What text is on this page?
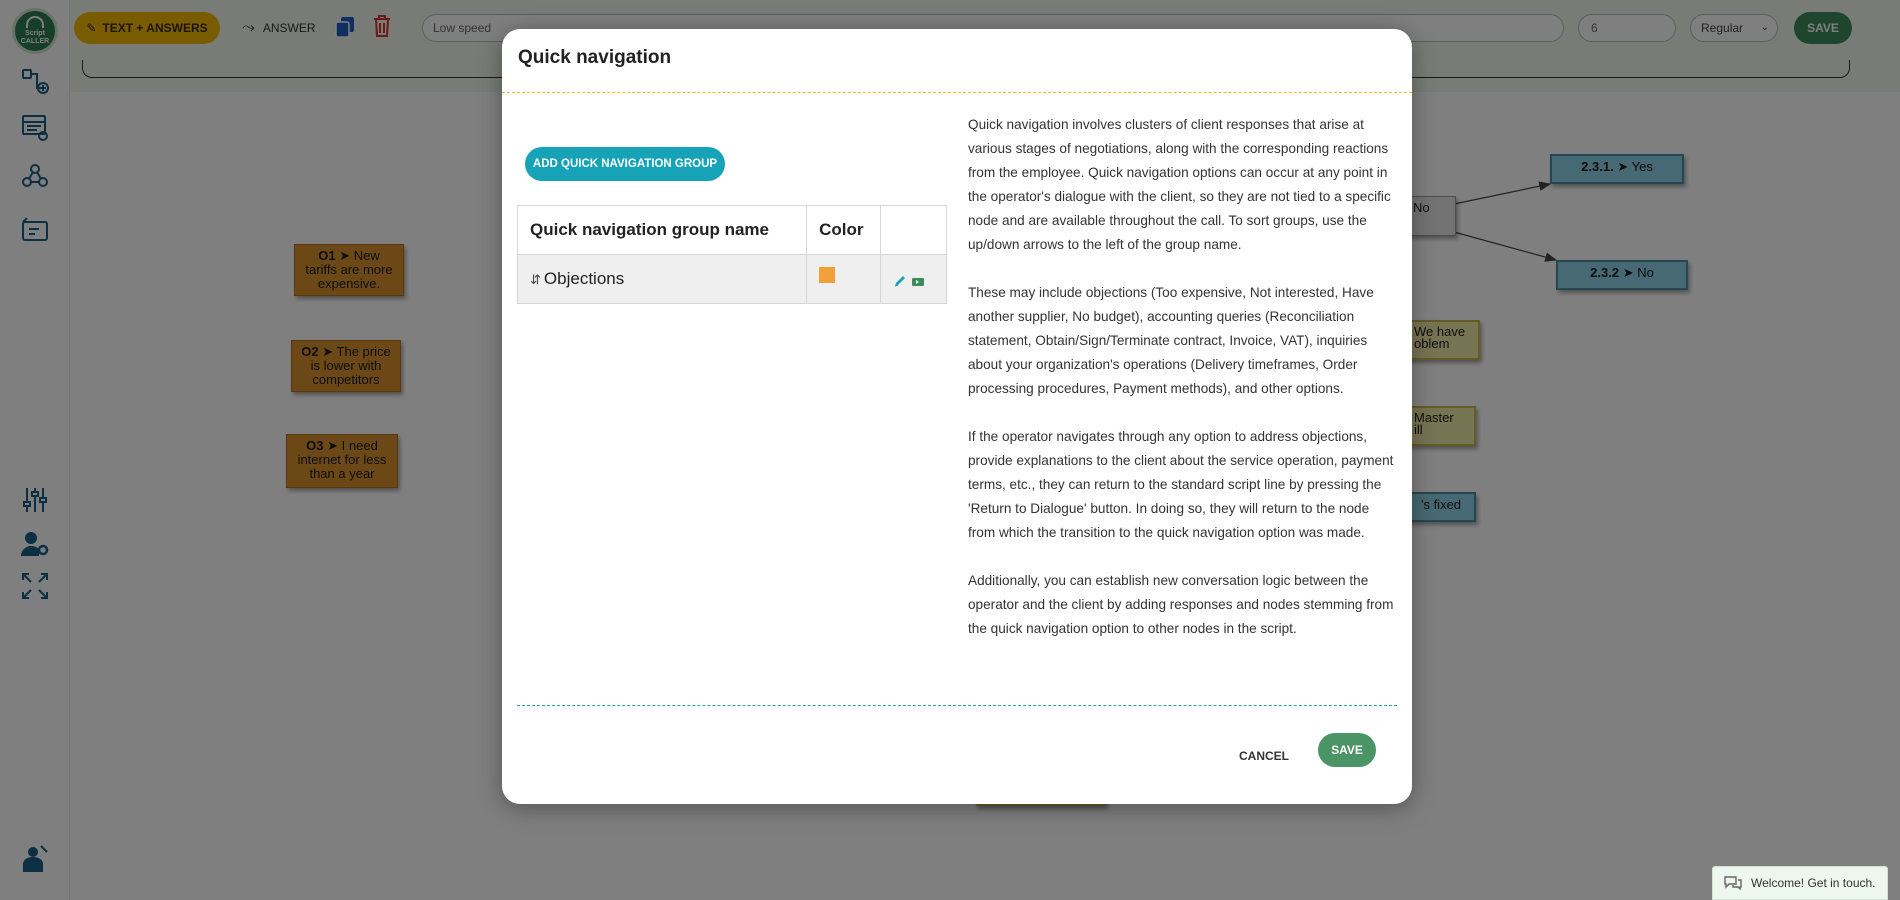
Quick navigation
ADD QUICK NAVIGATION GROUP
Quick navigation group name	Color	
⇵ Objections		

Quick navigation involves clusters of client responses that arise at various stages of negotiations, along with the corresponding reactions from the employee. Quick navigation options can occur at any point in the operator's dialogue with the client, so they are not tied to a specific node and are available throughout the call. To sort groups, use the up/down arrows to the left of the group name.

These may include objections (Too expensive, Not interested, Have another supplier, No budget), accounting queries (Reconciliation statement, Obtain/Sign/Terminate contract, Invoice, VAT), inquiries about your organization's operations (Delivery timeframes, Order processing procedures, Payment methods), and other options.

If the operator navigates through any option to address objections, provide explanations to the client about the service operation, payment terms, etc., they can return to the standard script line by pressing the 'Return to Dialogue' button. In doing so, they will return to the node from which the transition to the quick navigation option was made.

Additionally, you can establish new conversation logic between the operator and the client by adding responses and nodes stemming from the quick navigation option to other nodes in the script.

CANCEL	SAVE
Welcome! Get in touch.
